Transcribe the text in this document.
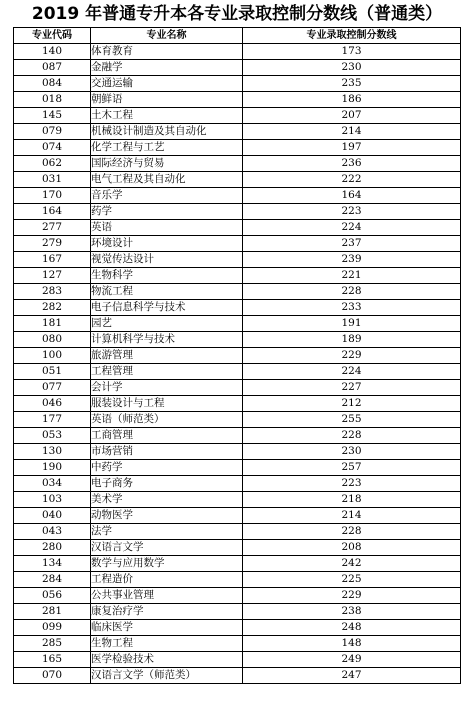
2019 年普通专升本各专业录取控制分数线（普通类）
专业代码	专业名称	专业录取控制分数线
140	体育教育	173
087	金融学	230
084	交通运输	235
018	朝鲜语	186
145	土木工程	207
079	机械设计制造及其自动化	214
074	化学工程与工艺	197
062	国际经济与贸易	236
031	电气工程及其自动化	222
170	音乐学	164
164	药学	223
277	英语	224
279	环境设计	237
167	视觉传达设计	239
127	生物科学	221
283	物流工程	228
282	电子信息科学与技术	233
181	园艺	191
080	计算机科学与技术	189
100	旅游管理	229
051	工程管理	224
077	会计学	227
046	服装设计与工程	212
177	英语（师范类）	255
053	工商管理	228
130	市场营销	230
190	中药学	257
034	电子商务	223
103	美术学	218
040	动物医学	214
043	法学	228
280	汉语言文学	208
134	数学与应用数学	242
284	工程造价	225
056	公共事业管理	229
281	康复治疗学	238
099	临床医学	248
285	生物工程	148
165	医学检验技术	249
070	汉语言文学（师范类）	247
